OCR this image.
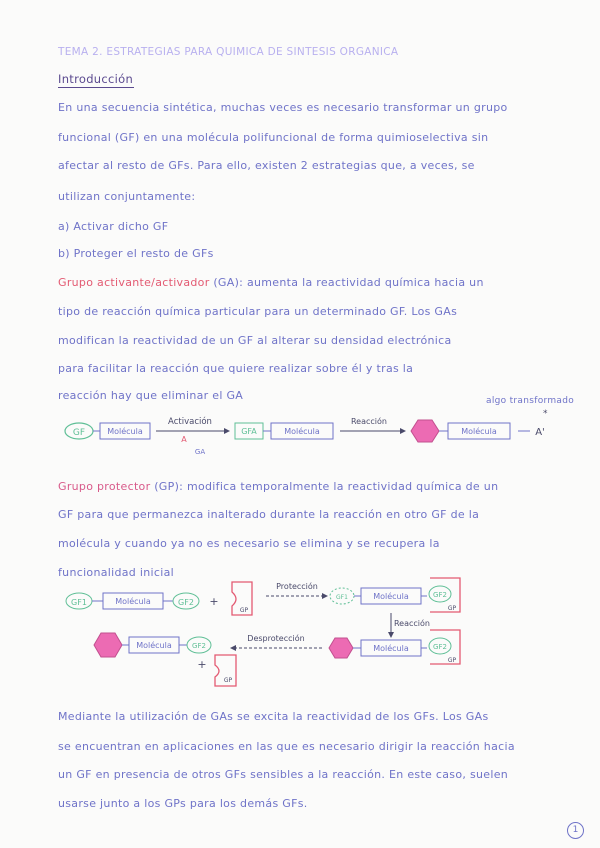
TEMA 2. ESTRATEGIAS PARA QUIMICA DE SINTESIS ORGANICA
Introducción
En una secuencia sintética, muchas veces es necesario transformar un grupo
funcional (GF) en una molécula polifuncional de forma quimioselectiva sin
afectar al resto de GFs. Para ello, existen 2 estrategias que, a veces, se
utilizan conjuntamente:
a) Activar dicho GF
b) Proteger el resto de GFs
Grupo activante/activador (GA): aumenta la reactividad química hacia un
tipo de reacción química particular para un determinado GF. Los GAs
modifican la reactividad de un GF al alterar su densidad electrónica
para facilitar la reacción que quiere realizar sobre él y tras la
reacción hay que eliminar el GA	algo transformado
GF	Molécula
Activación
A
GA
GFA	Molécula
Reacción
Molécula	A'
*
Grupo protector (GP): modifica temporalmente la reactividad química de un
GF para que permanezca inalterado durante la reacción en otro GF de la
molécula y cuando ya no es necesario se elimina y se recupera la
funcionalidad inicial
GF1	Molécula	GF2 +
GP
Protección
GF1	Molécula	GF2
GP
Reacción
Molécula	GF2
GP
Desprotección
Molécula	GF2
+
GP
Mediante la utilización de GAs se excita la reactividad de los GFs. Los GAs
se encuentran en aplicaciones en las que es necesario dirigir la reacción hacia
un GF en presencia de otros GFs sensibles a la reacción. En este caso, suelen
usarse junto a los GPs para los demás GFs.
1
